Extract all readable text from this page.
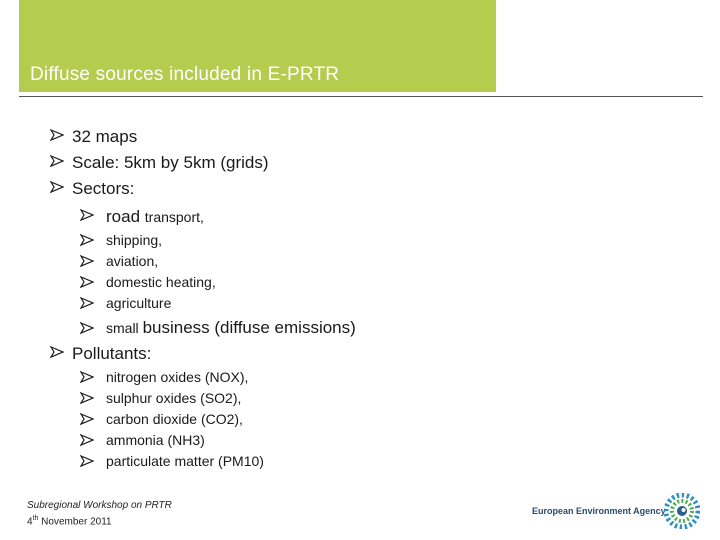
Diffuse sources included in E-PRTR
32 maps
Scale: 5km by 5km (grids)
Sectors:
road transport,
shipping,
aviation,
domestic heating,
agriculture
small business (diffuse emissions)
Pollutants:
nitrogen oxides (NOX),
sulphur oxides (SO2),
carbon dioxide (CO2),
ammonia (NH3)
particulate matter (PM10)
Subregional Workshop on PRTR
4th November 2011
European Environment Agency
